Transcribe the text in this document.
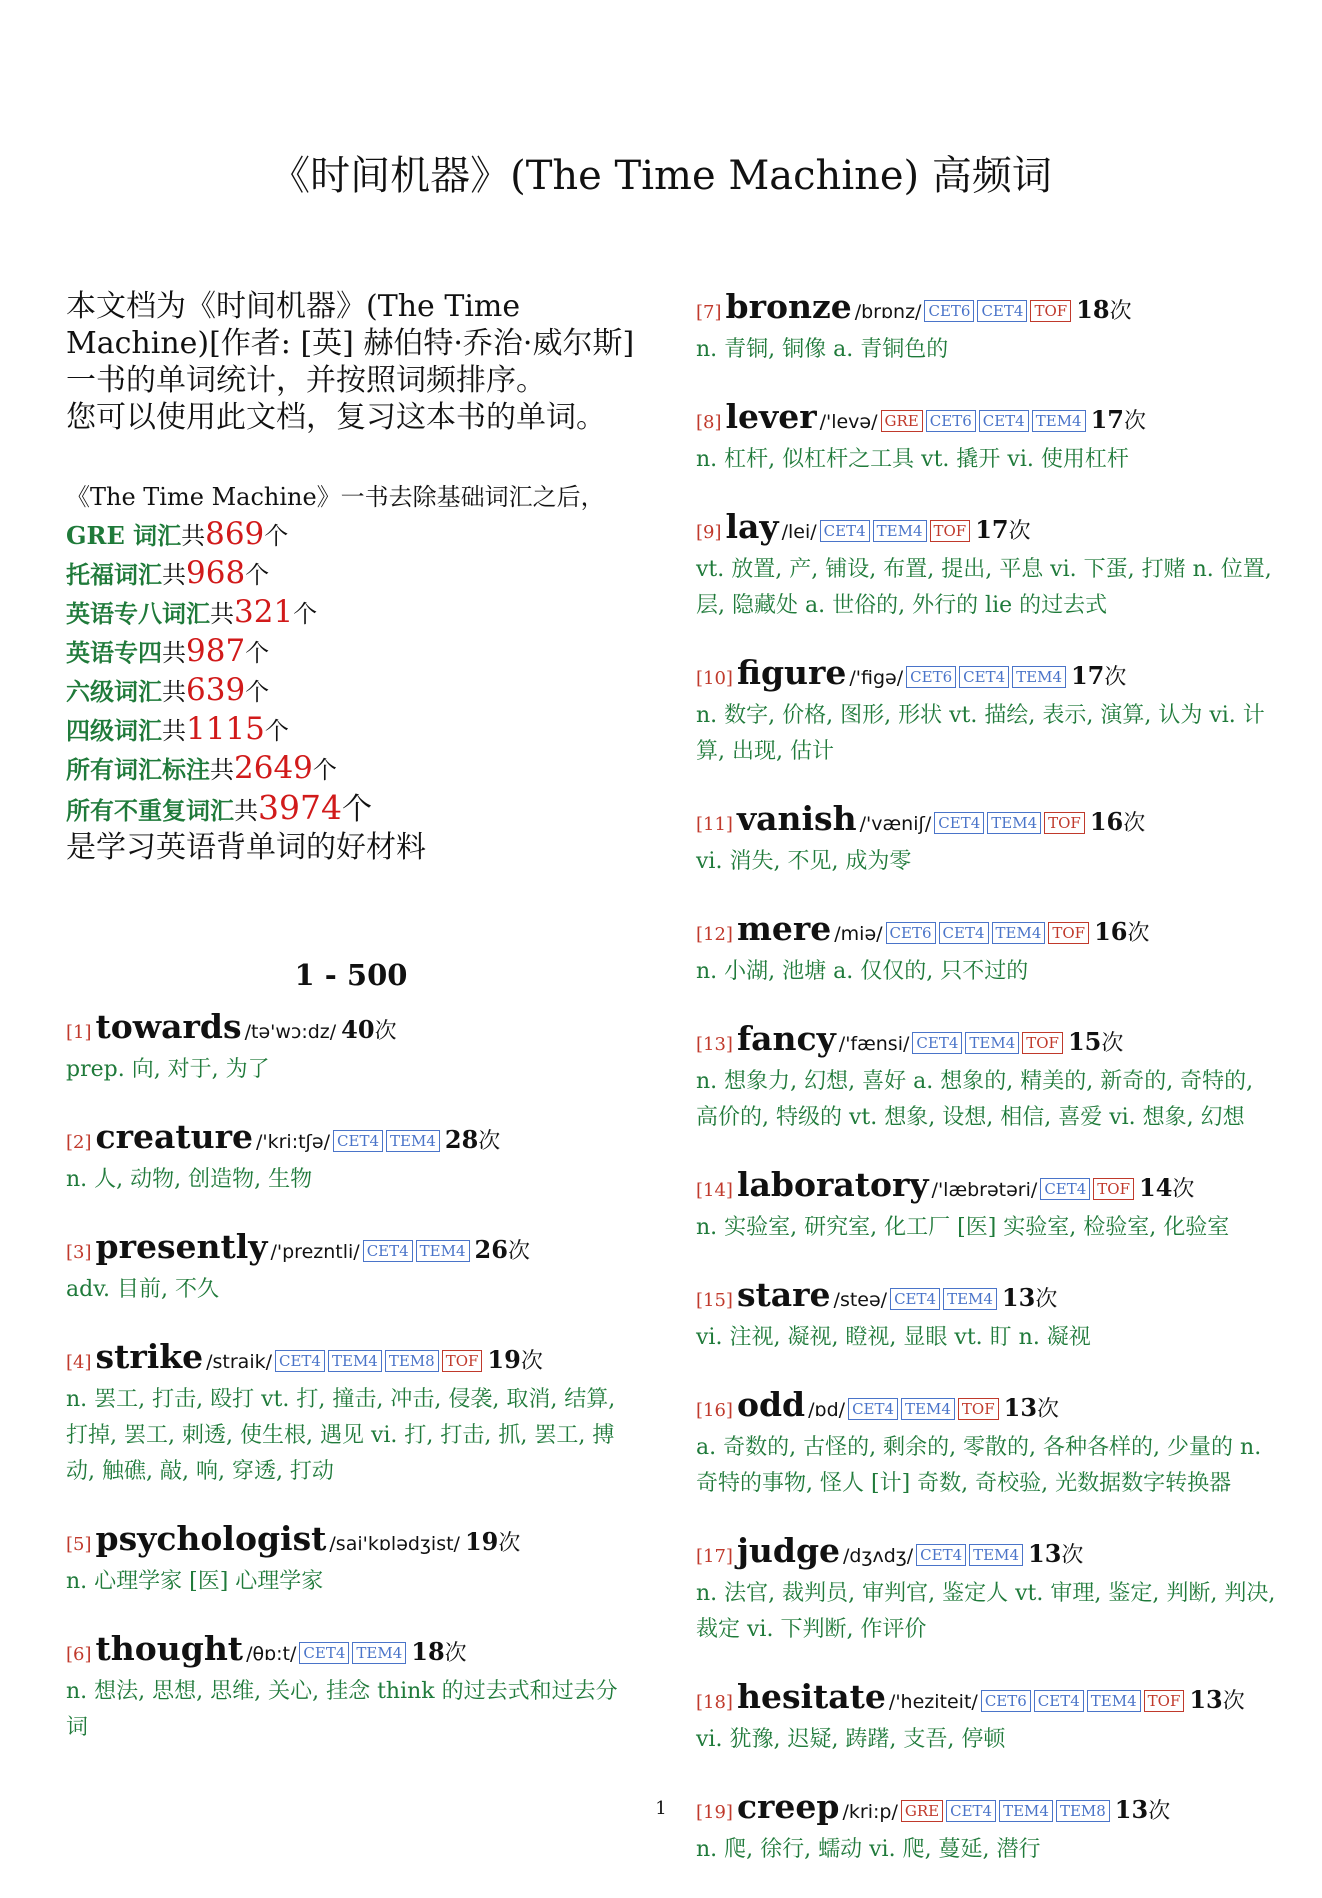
《时间机器》(The Time Machine) 高频词
本文档为《时间机器》(The Time Machine)[作者: [英] 赫伯特·乔治·威尔斯] 一书的单词统计，并按照词频排序。
您可以使用此文档，复习这本书的单词。
《The Time Machine》一书去除基础词汇之后，
GRE 词汇共869个
托福词汇共968个
英语专八词汇共321个
英语专四共987个
六级词汇共639个
四级词汇共1115个
所有词汇标注共2649个
所有不重复词汇共3974个
是学习英语背单词的好材料
1 - 500
[1] towards /tə'wɔ:dz/ 40次
prep. 向, 对于, 为了
[2] creature /'kri:tʃə/ CET4 TEM4 28次
n. 人, 动物, 创造物, 生物
[3] presently /'prezntli/ CET4 TEM4 26次
adv. 目前, 不久
[4] strike /straik/ CET4 TEM4 TEM8 TOF 19次
n. 罢工, 打击, 殴打 vt. 打, 撞击, 冲击, 侵袭, 取消, 结算, 打掉, 罢工, 刺透, 使生根, 遇见 vi. 打, 打击, 抓, 罢工, 搏动, 触礁, 敲, 响, 穿透, 打动
[5] psychologist /sai'kɒlədʒist/ 19次
n. 心理学家 [医] 心理学家
[6] thought /θɒ:t/ CET4 TEM4 18次
n. 想法, 思想, 思维, 关心, 挂念 think 的过去式和过去分词
[7] bronze /brɒnz/ CET6 CET4 TOF 18次
n. 青铜, 铜像 a. 青铜色的
[8] lever /'levə/ GRE CET6 CET4 TEM4 17次
n. 杠杆, 似杠杆之工具 vt. 撬开 vi. 使用杠杆
[9] lay /lei/ CET4 TEM4 TOF 17次
vt. 放置, 产, 铺设, 布置, 提出, 平息 vi. 下蛋, 打赌 n. 位置, 层, 隐藏处 a. 世俗的, 外行的 lie 的过去式
[10] figure /'figə/ CET6 CET4 TEM4 17次
n. 数字, 价格, 图形, 形状 vt. 描绘, 表示, 演算, 认为 vi. 计算, 出现, 估计
[11] vanish /'væniʃ/ CET4 TEM4 TOF 16次
vi. 消失, 不见, 成为零
[12] mere /miə/ CET6 CET4 TEM4 TOF 16次
n. 小湖, 池塘 a. 仅仅的, 只不过的
[13] fancy /'fænsi/ CET4 TEM4 TOF 15次
n. 想象力, 幻想, 喜好 a. 想象的, 精美的, 新奇的, 奇特的, 高价的, 特级的 vt. 想象, 设想, 相信, 喜爱 vi. 想象, 幻想
[14] laboratory /'læbrətəri/ CET4 TOF 14次
n. 实验室, 研究室, 化工厂 [医] 实验室, 检验室, 化验室
[15] stare /steə/ CET4 TEM4 13次
vi. 注视, 凝视, 瞪视, 显眼 vt. 盯 n. 凝视
[16] odd /ɒd/ CET4 TEM4 TOF 13次
a. 奇数的, 古怪的, 剩余的, 零散的, 各种各样的, 少量的 n. 奇特的事物, 怪人 [计] 奇数, 奇校验, 光数据数字转换器
[17] judge /dʒʌdʒ/ CET4 TEM4 13次
n. 法官, 裁判员, 审判官, 鉴定人 vt. 审理, 鉴定, 判断, 判决, 裁定 vi. 下判断, 作评价
[18] hesitate /'heziteit/ CET6 CET4 TEM4 TOF 13次
vi. 犹豫, 迟疑, 踌躇, 支吾, 停顿
[19] creep /kri:p/ GRE CET4 TEM4 TEM8 13次
n. 爬, 徐行, 蠕动 vi. 爬, 蔓延, 潜行
1
